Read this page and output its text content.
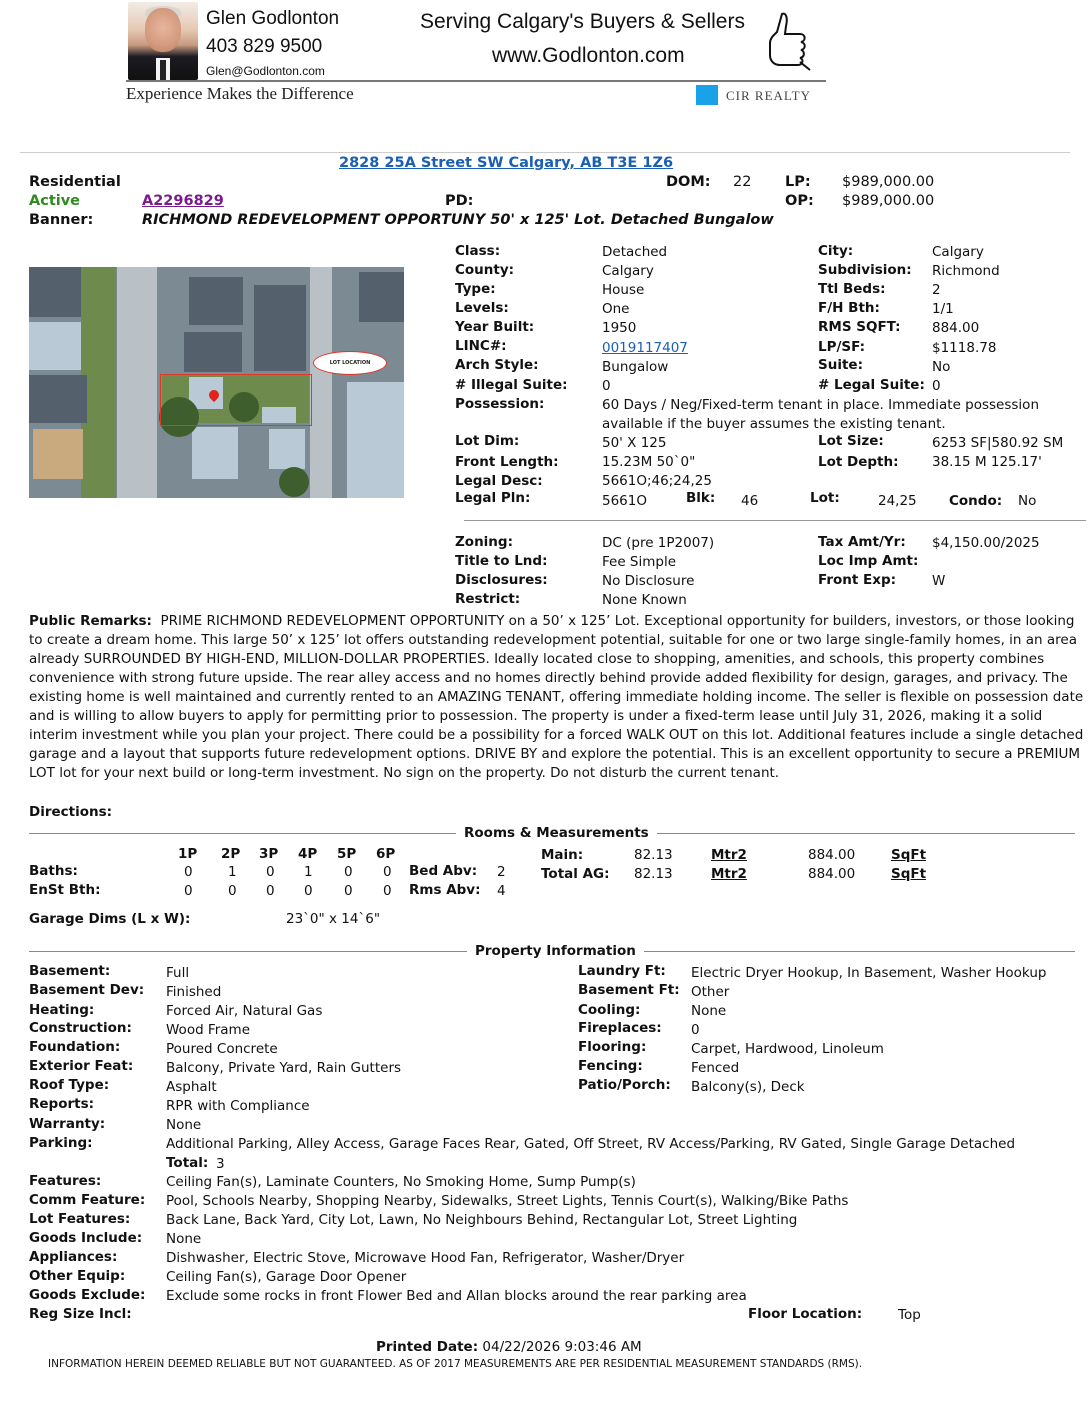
Glen Godlonton
403 829 9500
Glen@Godlonton.com
Serving Calgary's Buyers & Sellers
www.Godlonton.com
Experience Makes the Difference	CIR REALTY
2828 25A Street SW Calgary, AB T3E 1Z6
Residential	DOM: 22 LP: $989,000.00
Active	A2296829	PD:	OP: $989,000.00
Banner:	RICHMOND REDEVELOPMENT OPPORTUNY 50' x 125' Lot. Detached Bungalow
LOT LOCATION
Class:	Detached
County:	Calgary
Type:	House
Levels:	One
Year Built:	1950
LINC#:	0019117407
Arch Style:	Bungalow
# Illegal Suite:	0
City:	Calgary
Subdivision: Richmond
Ttl Beds:	2
F/H Bth:	1/1
RMS SQFT: 884.00
LP/SF:	$1118.78
Suite:	No
# Legal Suite: 0
Possession:	60 Days / Neg/Fixed-term tenant in place. Immediate possession
available if the buyer assumes the existing tenant.
Lot Dim:	50' X 125	Lot Size:	6253 SF|580.92 SM
Front Length:	15.23M 50`0"	Lot Depth: 38.15 M 125.17'
Legal Desc:	5661O;46;24,25
Legal Pln:	5661O	Blk: 46	Lot:	24,25 Condo: No
Zoning:	DC (pre 1P2007)	Tax Amt/Yr: $4,150.00/2025
Title to Lnd:	Fee Simple	Loc Imp Amt:
Disclosures:	No Disclosure	Front Exp:	W
Restrict:	None Known
Public Remarks: PRIME RICHMOND REDEVELOPMENT OPPORTUNITY on a 50’ x 125’ Lot. Exceptional opportunity for builders, investors, or those looking to create a dream home. This large 50’ x 125’ lot offers outstanding redevelopment potential, suitable for one or two large single-family homes, in an area already SURROUNDED BY HIGH-END, MILLION-DOLLAR PROPERTIES. Ideally located close to shopping, amenities, and schools, this property combines convenience with strong future upside. The rear alley access and no homes directly behind provide added flexibility for design, garages, and privacy. The existing home is well maintained and currently rented to an AMAZING TENANT, offering immediate holding income. The seller is flexible on possession date and is willing to allow buyers to apply for permitting prior to possession. The property is under a fixed-term lease until July 31, 2026, making it a solid interim investment while you plan your project. There could be a possibility for a forced WALK OUT on this lot. Additional features include a single detached garage and a layout that supports future redevelopment options. DRIVE BY and explore the potential. This is an excellent opportunity to secure a PREMIUM LOT lot for your next build or long-term investment. No sign on the property. Do not disturb the current tenant.
Directions:
Rooms & Measurements
1P 2P 3P 4P 5P 6P
Baths:	0	1 0 1 0 0 Bed Abv: 2
EnSt Bth:	0	0 0 0 0 0 Rms Abv: 4
Main:	82.13	Mtr2	884.00	SqFt
Total AG: 82.13	Mtr2	884.00	SqFt
Garage Dims (L x W):	23`0" x 14`6"
Property Information
Basement:	Full
Basement Dev: Finished
Heating:	Forced Air, Natural Gas
Construction:	Wood Frame
Foundation:	Poured Concrete
Exterior Feat: Balcony, Private Yard, Rain Gutters
Roof Type:	Asphalt
Laundry Ft: Electric Dryer Hookup, In Basement, Washer Hookup
Basement Ft: Other
Cooling:	None
Fireplaces: 0
Flooring:	Carpet, Hardwood, Linoleum
Fencing:	Fenced
Patio/Porch: Balcony(s), Deck
Reports:	RPR with Compliance
Warranty:	None
Parking:	Additional Parking, Alley Access, Garage Faces Rear, Gated, Off Street, RV Access/Parking, RV Gated, Single Garage Detached
Total: 3
Features:	Ceiling Fan(s), Laminate Counters, No Smoking Home, Sump Pump(s)
Comm Feature: Pool, Schools Nearby, Shopping Nearby, Sidewalks, Street Lights, Tennis Court(s), Walking/Bike Paths
Lot Features:	Back Lane, Back Yard, City Lot, Lawn, No Neighbours Behind, Rectangular Lot, Street Lighting
Goods Include: None
Appliances:	Dishwasher, Electric Stove, Microwave Hood Fan, Refrigerator, Washer/Dryer
Other Equip:	Ceiling Fan(s), Garage Door Opener
Goods Exclude: Exclude some rocks in front Flower Bed and Allan blocks around the rear parking area
Reg Size Incl:	Floor Location:	Top
Printed Date: 04/22/2026 9:03:46 AM
INFORMATION HEREIN DEEMED RELIABLE BUT NOT GUARANTEED. AS OF 2017 MEASUREMENTS ARE PER RESIDENTIAL MEASUREMENT STANDARDS (RMS).
